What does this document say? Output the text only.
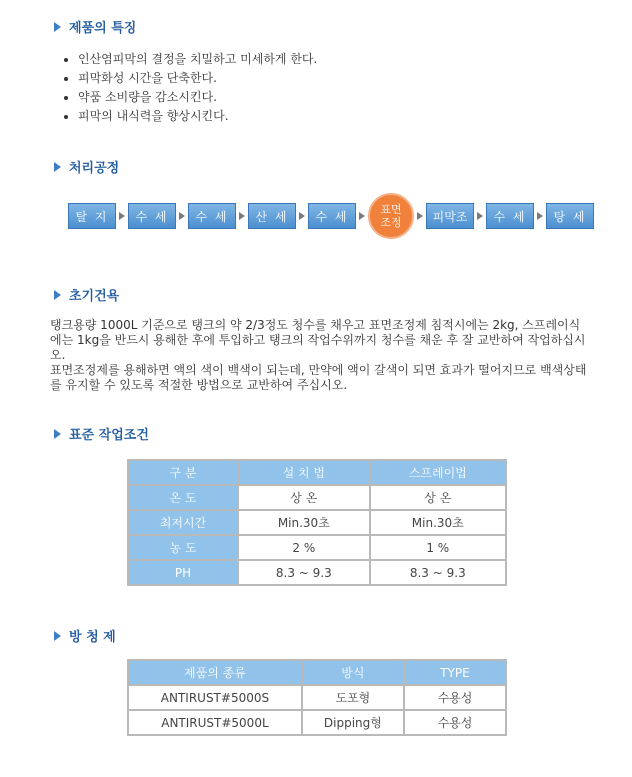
제품의 특징
• 인산염피막의 결정을 치밀하고 미세하게 한다.
• 피막화성 시간을 단축한다.
• 약품 소비량을 감소시킨다.
• 피막의 내식력을 향상시킨다.
처리공정
탈 지	수 세	수 세	산 세	수 세	표면
조정	피막조	수 세	탕 세
초기건욕

탱크용량 1000L 기준으로 탱크의 약 2/3정도 청수를 채우고 표면조정제 침적시에는 2kg, 스프레이식에는 1kg을 반드시 용해한 후에 투입하고 탱크의 작업수위까지 청수를 채운 후 잘 교반하여 작업하십시오.

표면조정제를 용해하면 액의 색이 백색이 되는데, 만약에 액이 갈색이 되면 효과가 떨어지므로 백색상태를 유지할 수 있도록 적절한 방법으로 교반하여 주십시오.

표준 작업조건
구 분	설 치 법	스프레이법
온 도	상 온	상 온
최저시간	Min.30초	Min.30초
농 도	2 %	1 %
PH	8.3 ~ 9.3	8.3 ~ 9.3
방 청 제
제품의 종류	방식	TYPE
ANTIRUST#5000S	도포형	수용성
ANTIRUST#5000L	Dipping형	수용성
